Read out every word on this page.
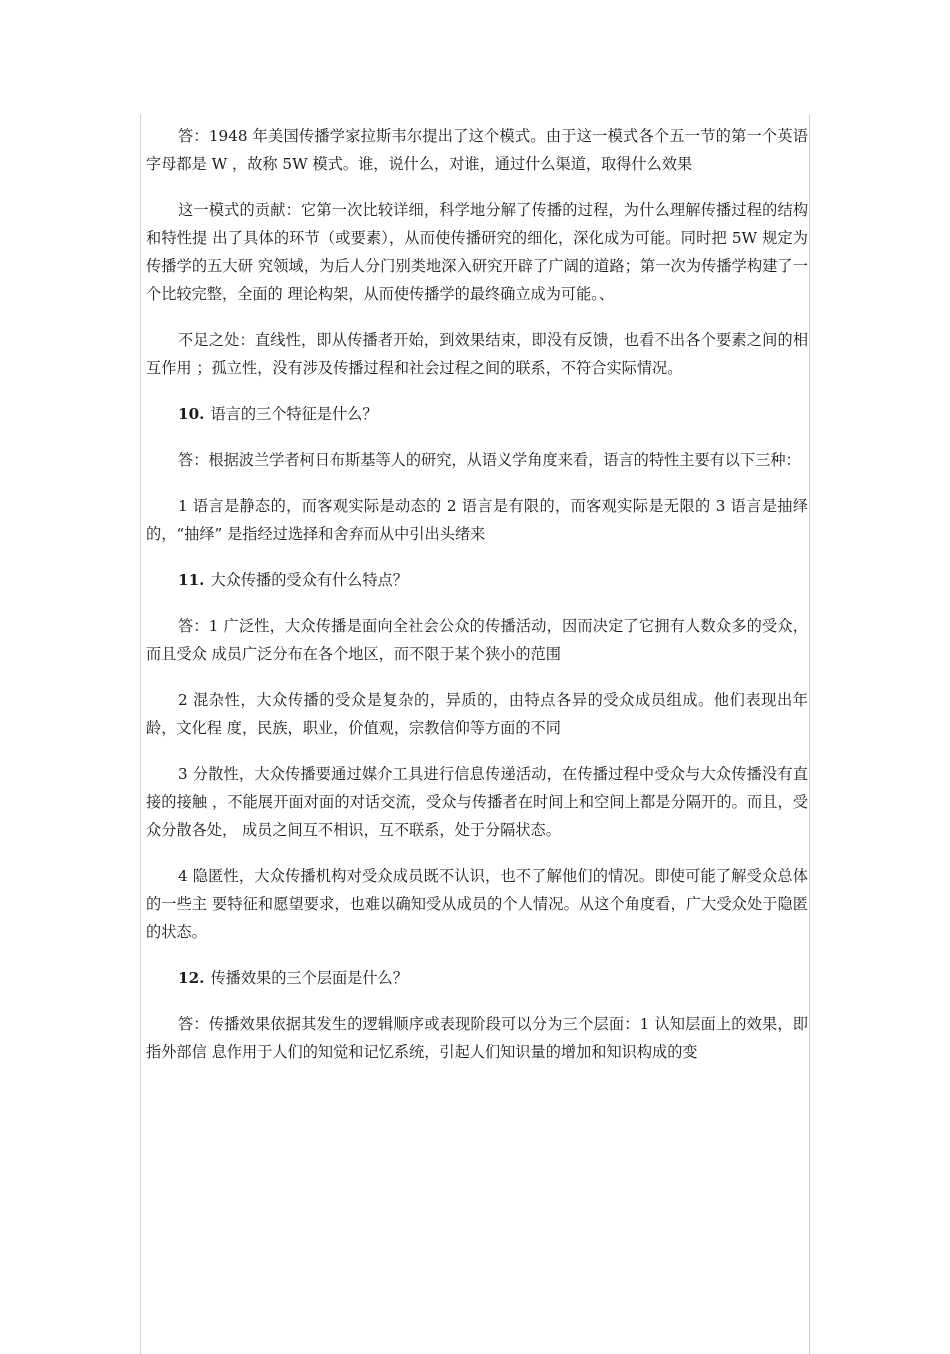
答：1948 年美国传播学家拉斯韦尔提出了这个模式。由于这一模式各个五一节的第一个英语字母都是 W ，故称 5W 模式。谁，说什么，对谁，通过什么渠道，取得什么效果

这一模式的贡献：它第一次比较详细，科学地分解了传播的过程，为什么理解传播过程的结构和特性提 出了具体的环节（或要素），从而使传播研究的细化，深化成为可能。同时把 5W 规定为传播学的五大研 究领域，为后人分门别类地深入研究开辟了广阔的道路；第一次为传播学构建了一个比较完整，全面的 理论构架，从而使传播学的最终确立成为可能。、

不足之处：直线性，即从传播者开始，到效果结束，即没有反馈，也看不出各个要素之间的相互作用 ；孤立性，没有涉及传播过程和社会过程之间的联系，不符合实际情况。

10. 语言的三个特征是什么？

答：根据波兰学者柯日布斯基等人的研究，从语义学角度来看，语言的特性主要有以下三种：

1 语言是静态的，而客观实际是动态的 2 语言是有限的，而客观实际是无限的 3 语言是抽绎的，“抽绎” 是指经过选择和舍弃而从中引出头绪来

11. 大众传播的受众有什么特点？

答：1 广泛性，大众传播是面向全社会公众的传播活动，因而决定了它拥有人数众多的受众，而且受众 成员广泛分布在各个地区，而不限于某个狭小的范围

2 混杂性，大众传播的受众是复杂的，异质的，由特点各异的受众成员组成。他们表现出年龄，文化程 度，民族，职业，价值观，宗教信仰等方面的不同

3 分散性，大众传播要通过媒介工具进行信息传递活动，在传播过程中受众与大众传播没有直接的接触 ，不能展开面对面的对话交流，受众与传播者在时间上和空间上都是分隔开的。而且，受众分散各处， 成员之间互不相识，互不联系，处于分隔状态。

4 隐匿性，大众传播机构对受众成员既不认识，也不了解他们的情况。即使可能了解受众总体的一些主 要特征和愿望要求，也难以确知受从成员的个人情况。从这个角度看，广大受众处于隐匿的状态。

12. 传播效果的三个层面是什么？

答：传播效果依据其发生的逻辑顺序或表现阶段可以分为三个层面：1 认知层面上的效果，即指外部信 息作用于人们的知觉和记忆系统，引起人们知识量的增加和知识构成的变
